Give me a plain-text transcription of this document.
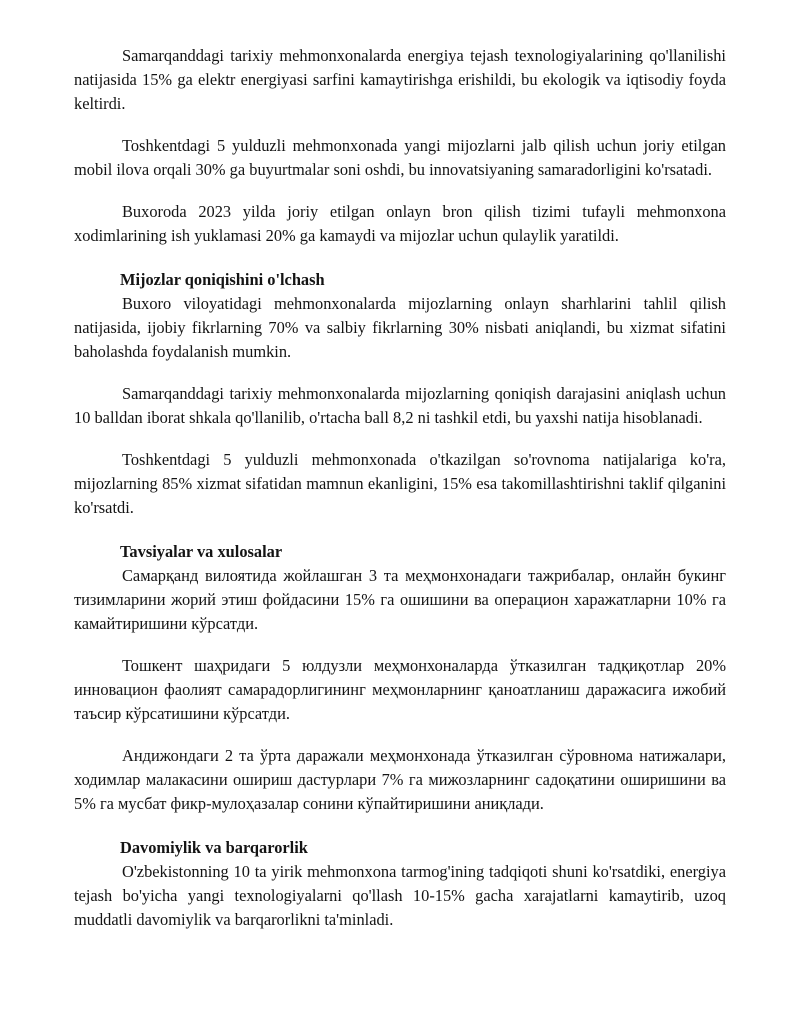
Samarqanddagi tarixiy mehmonxonalarda energiya tejash texnologiyalarining qo'llanilishi natijasida 15% ga elektr energiyasi sarfini kamaytirishga erishildi, bu ekologik va iqtisodiy foyda keltirdi.

Toshkentdagi 5 yulduzli mehmonxonada yangi mijozlarni jalb qilish uchun joriy etilgan mobil ilova orqali 30% ga buyurtmalar soni oshdi, bu innovatsiyaning samaradorligini ko'rsatadi.

Buxoroda 2023 yilda joriy etilgan onlayn bron qilish tizimi tufayli mehmonxona xodimlarining ish yuklamasi 20% ga kamaydi va mijozlar uchun qulaylik yaratildi.

Mijozlar qoniqishini o'lchash

Buxoro viloyatidagi mehmonxonalarda mijozlarning onlayn sharhlarini tahlil qilish natijasida, ijobiy fikrlarning 70% va salbiy fikrlarning 30% nisbati aniqlandi, bu xizmat sifatini baholashda foydalanish mumkin.

Samarqanddagi tarixiy mehmonxonalarda mijozlarning qoniqish darajasini aniqlash uchun 10 balldan iborat shkala qo'llanilib, o'rtacha ball 8,2 ni tashkil etdi, bu yaxshi natija hisoblanadi.

Toshkentdagi 5 yulduzli mehmonxonada o'tkazilgan so'rovnoma natijalariga ko'ra, mijozlarning 85% xizmat sifatidan mamnun ekanligini, 15% esa takomillashtirishni taklif qilganini ko'rsatdi.

Tavsiyalar va xulosalar

Самарқанд вилоятида жойлашган 3 та меҳмонхонадаги тажрибалар, онлайн букинг тизимларини жорий этиш фойдасини 15% га ошишини ва операцион харажатларни 10% га камайтиришини кўрсатди.

Тошкент шаҳридаги 5 юлдузли меҳмонхоналарда ўтказилган тадқиқотлар 20% инновацион фаолият самарадорлигининг меҳмонларнинг қаноатланиш даражасига ижобий таъсир кўрсатишини кўрсатди.

Андижондаги 2 та ўрта даражали меҳмонхонада ўтказилган сўровнома натижалари, ходимлар малакасини ошириш дастурлари 7% га мижозларнинг садоқатини оширишини ва 5% га мусбат фикр-мулоҳазалар сонини кўпайтиришини аниқлади.

Davomiylik va barqarorlik

O'zbekistonning 10 ta yirik mehmonxona tarmog'ining tadqiqoti shuni ko'rsatdiki, energiya tejash bo'yicha yangi texnologiyalarni qo'llash 10-15% gacha xarajatlarni kamaytirib, uzoq muddatli davomiylik va barqarorlikni ta'minladi.
